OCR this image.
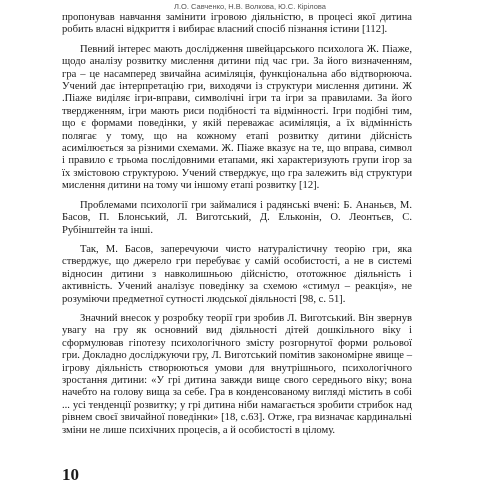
Л.О. Савченко, Н.В. Волкова, Ю.С. Кірілова

пропонував навчання замінити ігровою діяльністю, в процесі якої дитина робить власні відкриття і вибирає власний спосіб пізнання істини [112].

Певний інтерес мають дослідження швейцарського психолога Ж. Піаже, щодо аналізу розвитку мислення дитини під час гри. За його визначенням, гра – це насамперед звичайна асиміляція, функціональна або відтворююча. Учений дає інтерпретацію гри, виходячи із структури мислення дитини. Ж .Піаже виділяє ігри-вправи, символічні ігри та ігри за правилами. За його твердженням, ігри мають риси подібності та відмінності. Ігри подібні тим, що є формами поведінки, у якій переважає асиміляція, а їх відмінність полягає у тому, що на кожному етапі розвитку дитини дійсність асимілюється за різними схемами. Ж. Піаже вказує на те, що вправа, символ і правило є трьома послідовними етапами, які характеризують групи ігор за їх змістовою структурою. Учений стверджує, що гра залежить від структури мислення дитини на тому чи іншому етапі розвитку [12].

Проблемами психології гри займалися і радянські вчені: Б. Ананьєв, М. Басов, П. Блонський, Л. Виготський, Д. Ельконін, О. Леонтьєв, С. Рубінштейн та інші.

Так, М. Басов, заперечуючи чисто натуралістичну теорію гри, яка стверджує, що джерело гри перебуває у самій особистості, а не в системі відносин дитини з навколишньою дійсністю, ототожнює діяльність і активність. Учений аналізує поведінку за схемою «стимул – реакція», не розуміючи предметної сутності людської діяльності [98, с. 51].

Значний внесок у розробку теорії гри зробив Л. Виготський. Він звернув увагу на гру як основний вид діяльності дітей дошкільного віку і сформулював гіпотезу психологічного змісту розгорнутої форми рольової гри. Докладно досліджуючи гру, Л. Виготський помітив закономірне явище – ігрову діяльність створюються умови для внутрішнього, психологічного зростання дитини: «У грі дитина завжди вище свого середнього віку; вона начебто на голову вища за себе. Гра в конденсованому вигляді містить в собі ... усі тенденції розвитку; у грі дитина ніби намагається зробити стрибок над рівнем своєї звичайної поведінки» [18, с.63]. Отже, гра визначає кардинальні зміни не лише психічних процесів, а й особистості в цілому.

10
